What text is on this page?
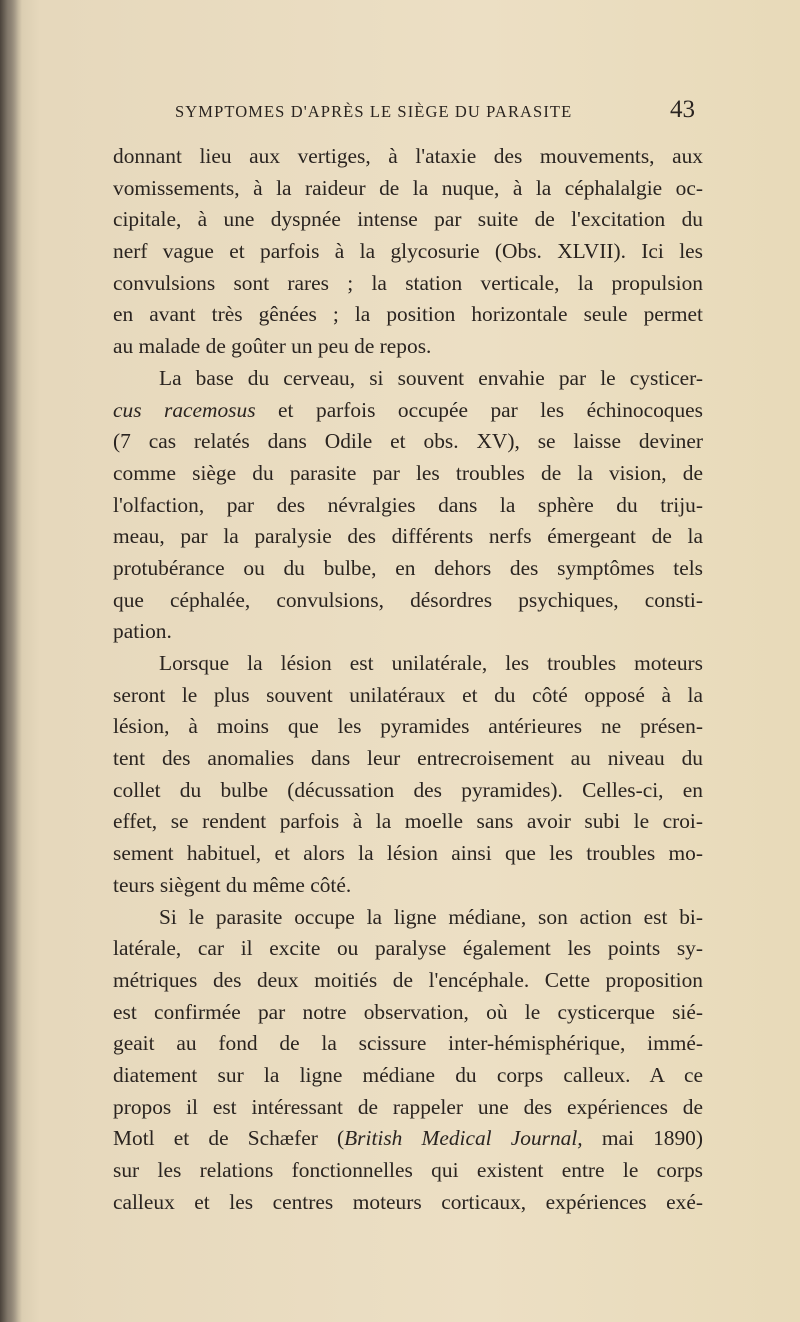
SYMPTOMES D'APRÈS LE SIÈGE DU PARASITE	43
donnant lieu aux vertiges, à l'ataxie des mouvements, aux
vomissements, à la raideur de la nuque, à la céphalalgie oc-
cipitale, à une dyspnée intense par suite de l'excitation du
nerf vague et parfois à la glycosurie (Obs. XLVII). Ici les
convulsions sont rares ; la station verticale, la propulsion
en avant très gênées ; la position horizontale seule permet
au malade de goûter un peu de repos.
La base du cerveau, si souvent envahie par le cysticer-
cus racemosus et parfois occupée par les échinocoques
(7 cas relatés dans Odile et obs. XV), se laisse deviner
comme siège du parasite par les troubles de la vision, de
l'olfaction, par des névralgies dans la sphère du triju-
meau, par la paralysie des différents nerfs émergeant de la
protubérance ou du bulbe, en dehors des symptômes tels
que céphalée, convulsions, désordres psychiques, consti-
pation.
Lorsque la lésion est unilatérale, les troubles moteurs
seront le plus souvent unilatéraux et du côté opposé à la
lésion, à moins que les pyramides antérieures ne présen-
tent des anomalies dans leur entrecroisement au niveau du
collet du bulbe (décussation des pyramides). Celles-ci, en
effet, se rendent parfois à la moelle sans avoir subi le croi-
sement habituel, et alors la lésion ainsi que les troubles mo-
teurs siègent du même côté.
Si le parasite occupe la ligne médiane, son action est bi-
latérale, car il excite ou paralyse également les points sy-
métriques des deux moitiés de l'encéphale. Cette proposition
est confirmée par notre observation, où le cysticerque sié-
geait au fond de la scissure inter-hémisphérique, immé-
diatement sur la ligne médiane du corps calleux. A ce
propos il est intéressant de rappeler une des expériences de
Motl et de Schæfer (British Medical Journal, mai 1890)
sur les relations fonctionnelles qui existent entre le corps
calleux et les centres moteurs corticaux, expériences exé-
